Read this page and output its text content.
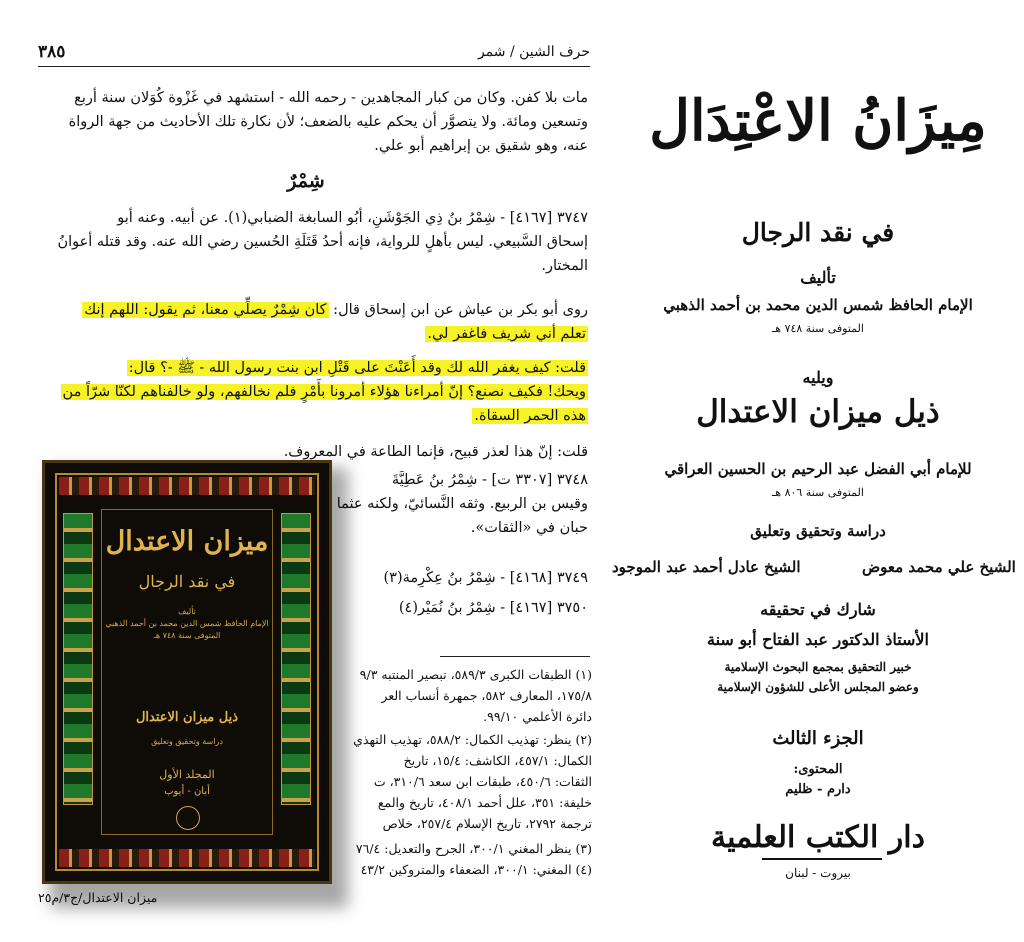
٣٨٥	حرف الشين / شمر
مات بلا كفن. وكان من كبار المجاهدين - رحمه الله - استشهد في غَزْوة كُوَلان سنة أربع
وتسعين ومائة. ولا يتصوَّر أن يحكم عليه بالضعف؛ لأن نكارة تلك الأحاديث من جهة الرواة
عنه، وهو شقيق بن إبراهيم أبو علي.
شِمْرٌ
٣٧٤٧ [٤١٦٧] - شِمْرُ بنُ ذِي الجَوْشَنِ، أبُو السابغة الضبابي(١). عن أبيه. وعنه أبو
إسحاق السَّبيعي. ليس بأهلٍ للرواية، فإنه أحدُ قَتَلَةِ الحُسين رضي الله عنه. وقد قتله أعوانُ
المختار.
روى أبو بكر بن عياش عن ابن إسحاق قال: كان شِمْرٌ يصلِّي معنا، ثم يقول: اللهم إنك
تعلم أني شريف فاغفر لي.
قلت: كيف يغفر الله لك وقد أَعَنْتَ على قَتْلِ ابن بنت رسول الله - ﷺ -؟ قال:
ويحك! فكيف نصنع؟ إنّ أمراءنا هؤلاء أمرونا بأَمْرٍ فلم نخالفهم، ولو خالفناهم لكنّا شرّاً من
هذه الحمر السقاة.
قلت: إنّ هذا لعذر قبيح، فإنما الطاعة في المعروف.
٣٧٤٨ [٣٣٠٧ ت] - شِمْرُ بنُ عَطِيَّةَ
وقيس بن الربيع. وثقه النَّسائيّ، ولكنه عثما
حبان في «الثقات».
٣٧٤٩ [٤١٦٨] - شِمْرُ بنُ عِكْرِمة(٣)
٣٧٥٠ [٤١٦٧] - شِمْرُ بنُ نُمَيْر(٤)
(١) الطبقات الكبرى ٥٨٩/٣، تبصير المنتبه ٩/٣
١٧٥/٨، المعارف ٥٨٢، جمهرة أنساب العر
دائرة الأعلمي ٩٩/١٠.
(٢) ينظر: تهذيب الكمال: ٥٨٨/٢، تهذيب التهذي
الكمال: ٤٥٧/١، الكاشف: ١٥/٤، تاريخ
الثقات: ٤٥٠/٦، طبقات ابن سعد ٣١٠/٦، ت
خليفة: ٣٥١، علل أحمد ٤٠٨/١، تاريخ والمع
ترجمة ٢٧٩٢، تاريخ الإسلام ٢٥٧/٤، خلاص
(٣) ينظر المغني ٣٠٠/١، الجرح والتعديل: ٧٦/٤
(٤) المغني: ٣٠٠/١، الضعفاء والمتروكين ٤٣/٢
ميزان الاعتدال/ج٣/م٢٥
ميزان الاعتدال
في نقد الرجال
تأليف
الإمام الحافظ شمس الدين محمد بن أحمد الذهبي
المتوفى سنة ٧٤٨ هـ
ذيل ميزان الاعتدال
دراسة وتحقيق وتعليق
المجلد الأول
أبان - أيوب
مِيزَانُ الاعْتِدَال
في نقد الرجال
تأليف
الإمام الحافظ شمس الدين محمد بن أحمد الذهبي
المتوفى سنة ٧٤٨ هـ
ويليه
ذيل ميزان الاعتدال
للإمام أبي الفضل عبد الرحيم بن الحسين العراقي
المتوفى سنة ٨٠٦ هـ
دراسة وتحقيق وتعليق
الشيخ علي محمد معوض
الشيخ عادل أحمد عبد الموجود
شارك في تحقيقه
الأستاذ الدكتور عبد الفتاح أبو سنة
خبير التحقيق بمجمع البحوث الإسلامية
وعضو المجلس الأعلى للشؤون الإسلامية
الجزء الثالث
المحتوى:
دارم - ظليم
دار الكتب العلمية
بيروت - لبنان
